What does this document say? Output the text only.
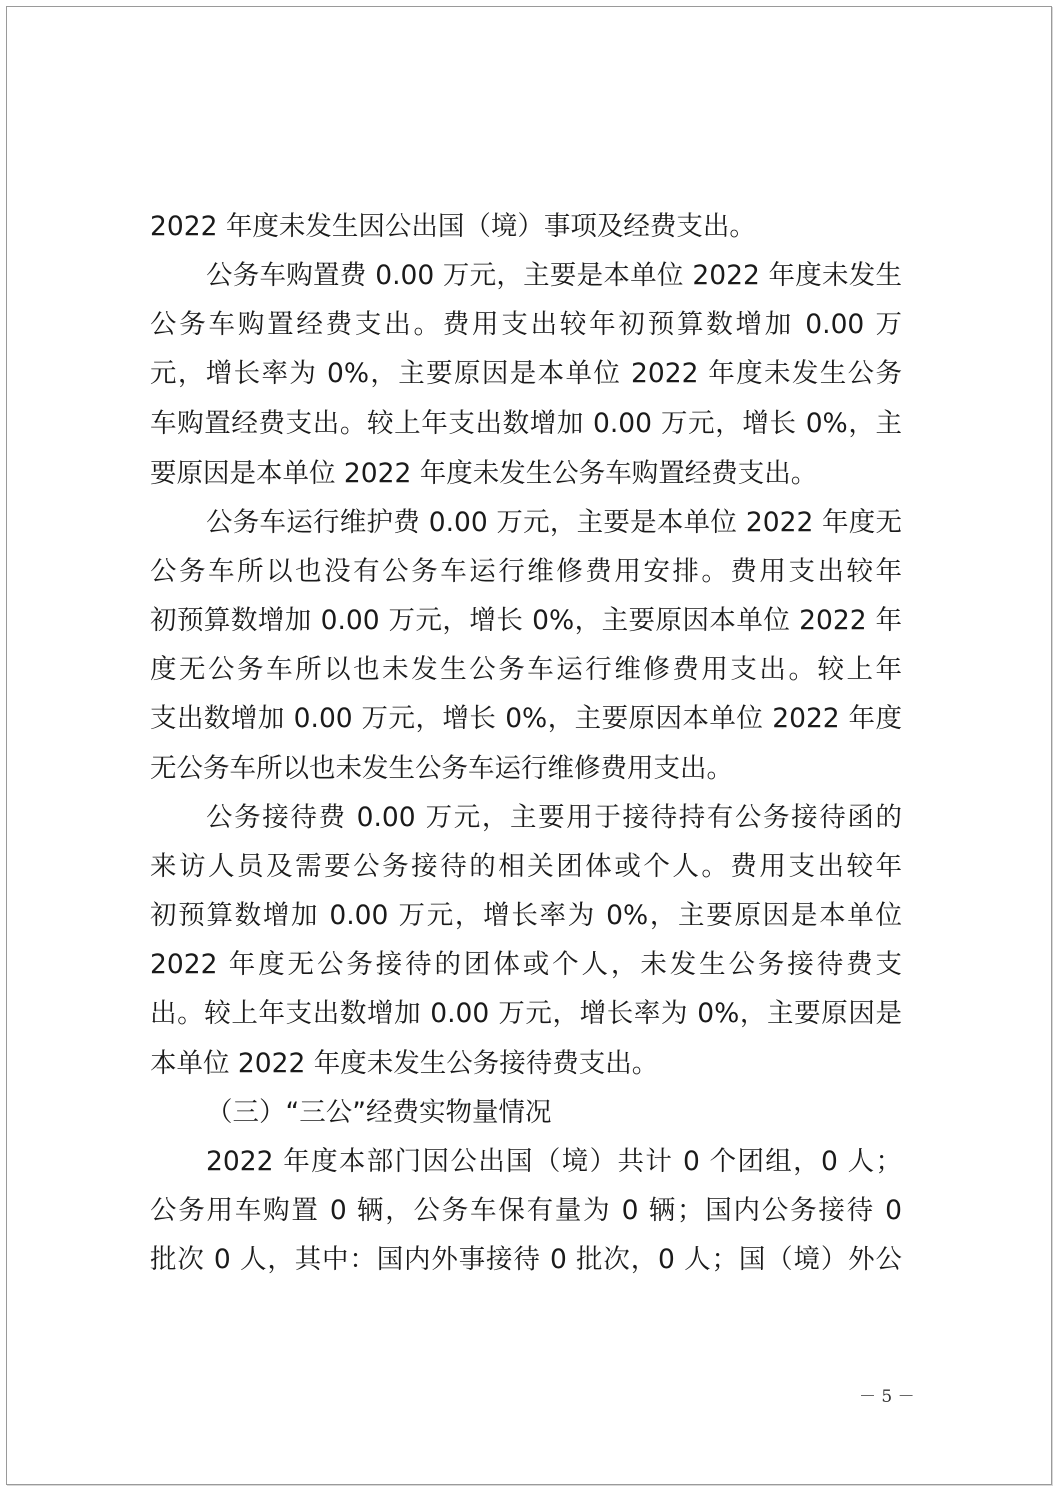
2022 年度未发生因公出国（境）事项及经费支出。
公务车购置费 0.00 万元，主要是本单位 2022 年度未发生
公务车购置经费支出。费用支出较年初预算数增加 0.00 万
元，增长率为 0%，主要原因是本单位 2022 年度未发生公务
车购置经费支出。较上年支出数增加 0.00 万元，增长 0%，主
要原因是本单位 2022 年度未发生公务车购置经费支出。
公务车运行维护费 0.00 万元，主要是本单位 2022 年度无
公务车所以也没有公务车运行维修费用安排。费用支出较年
初预算数增加 0.00 万元，增长 0%，主要原因本单位 2022 年
度无公务车所以也未发生公务车运行维修费用支出。较上年
支出数增加 0.00 万元，增长 0%，主要原因本单位 2022 年度
无公务车所以也未发生公务车运行维修费用支出。
公务接待费 0.00 万元，主要用于接待持有公务接待函的
来访人员及需要公务接待的相关团体或个人。费用支出较年
初预算数增加 0.00 万元，增长率为 0%，主要原因是本单位
2022 年度无公务接待的团体或个人，未发生公务接待费支
出。较上年支出数增加 0.00 万元，增长率为 0%，主要原因是
本单位 2022 年度未发生公务接待费支出。
（三）“三公”经费实物量情况
2022 年度本部门因公出国（境）共计 0 个团组，0 人；
公务用车购置 0 辆，公务车保有量为 0 辆；国内公务接待 0
批次 0 人，其中：国内外事接待 0 批次，0 人；国（境）外公
－ 5 －
